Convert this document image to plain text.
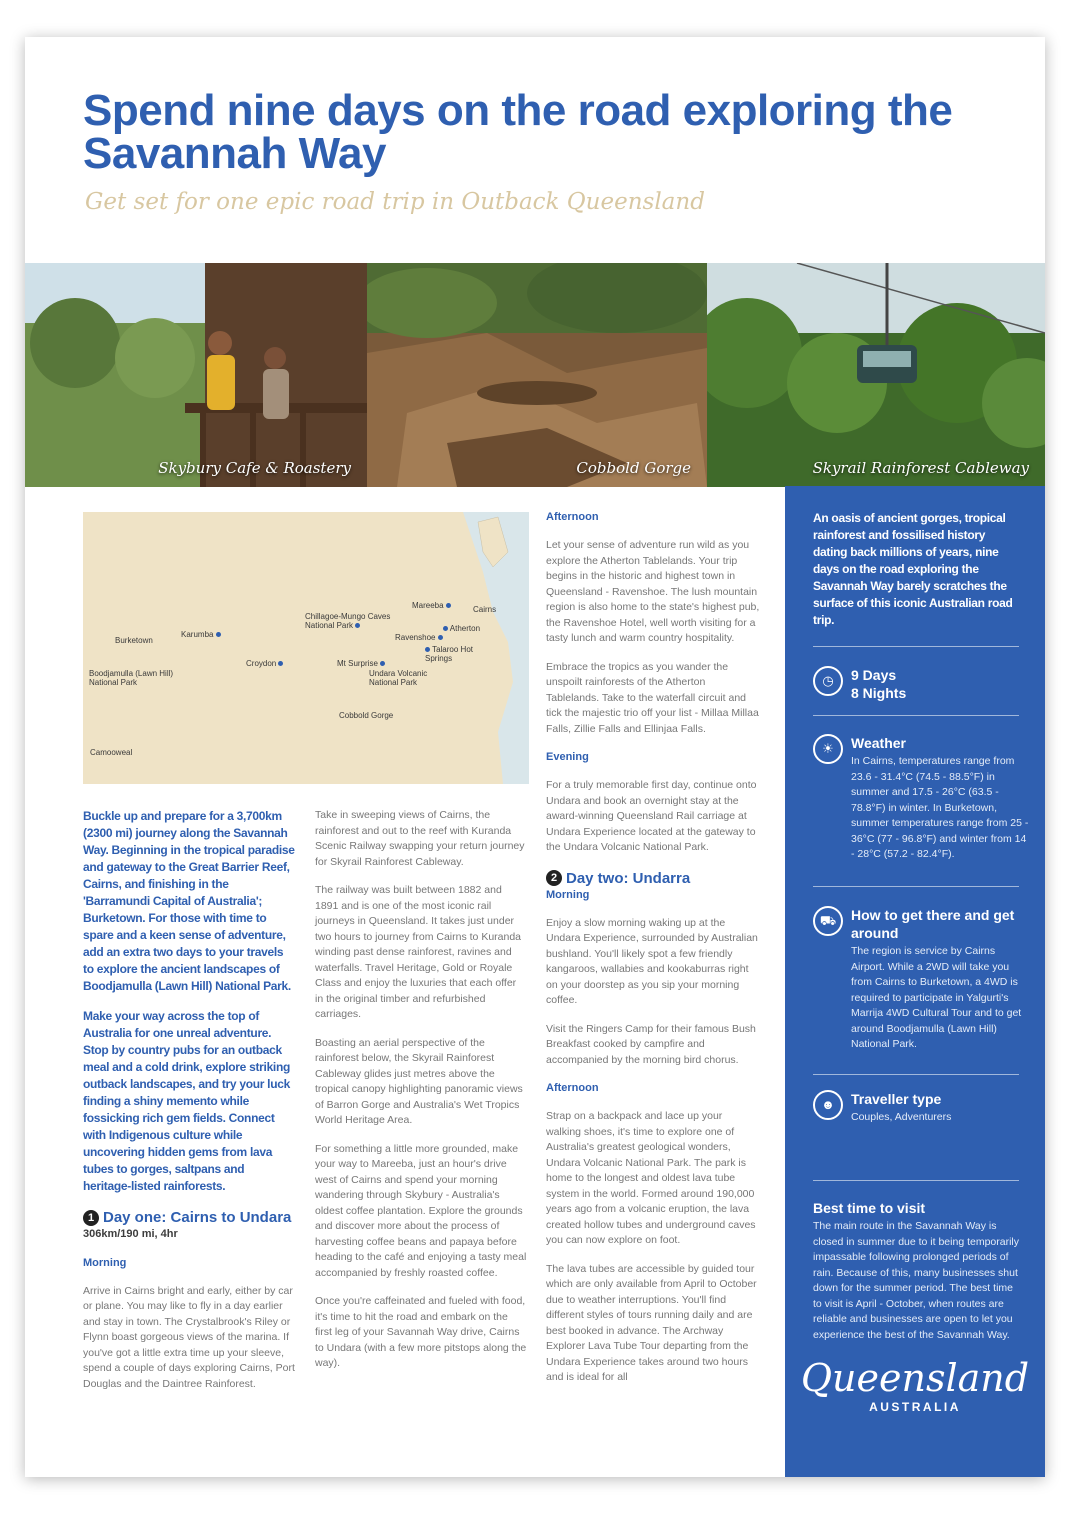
Spend nine days on the road exploring the Savannah Way

Get set for one epic road trip in Outback Queensland

Skybury Cafe & Roastery	Cobbold Gorge	Skyrail Rainforest Cableway
Mareeba	Cairns
Chillagoe-Mungo Caves National Park	Atherton
Ravenshoe
Burketown
Karumba
Talaroo Hot Springs
Croydon	Mt Surprise
Undara Volcanic National Park
Boodjamulla (Lawn Hill) National Park
Cobbold Gorge
Camooweal

Buckle up and prepare for a 3,700km (2300 mi) journey along the Savannah Way. Beginning in the tropical paradise and gateway to the Great Barrier Reef, Cairns, and finishing in the 'Barramundi Capital of Australia'; Burketown. For those with time to spare and a keen sense of adventure, add an extra two days to your travels to explore the ancient landscapes of Boodjamulla (Lawn Hill) National Park.

Make your way across the top of Australia for one unreal adventure. Stop by country pubs for an outback meal and a cold drink, explore striking outback landscapes, and try your luck finding a shiny memento while fossicking rich gem fields. Connect with Indigenous culture while uncovering hidden gems from lava tubes to gorges, saltpans and heritage-listed rainforests.

1 Day one: Cairns to Undara

306km/190 mi, 4hr

Morning

Arrive in Cairns bright and early, either by car or plane. You may like to fly in a day earlier and stay in town. The Crystalbrook's Riley or Flynn boast gorgeous views of the marina. If you've got a little extra time up your sleeve, spend a couple of days exploring Cairns, Port Douglas and the Daintree Rainforest.

Take in sweeping views of Cairns, the rainforest and out to the reef with Kuranda Scenic Railway swapping your return journey for Skyrail Rainforest Cableway.

The railway was built between 1882 and 1891 and is one of the most iconic rail journeys in Queensland. It takes just under two hours to journey from Cairns to Kuranda winding past dense rainforest, ravines and waterfalls. Travel Heritage, Gold or Royale Class and enjoy the luxuries that each offer in the original timber and refurbished carriages.

Boasting an aerial perspective of the rainforest below, the Skyrail Rainforest Cableway glides just metres above the tropical canopy highlighting panoramic views of Barron Gorge and Australia's Wet Tropics World Heritage Area.

For something a little more grounded, make your way to Mareeba, just an hour's drive west of Cairns and spend your morning wandering through Skybury - Australia's oldest coffee plantation. Explore the grounds and discover more about the process of harvesting coffee beans and papaya before heading to the café and enjoying a tasty meal accompanied by freshly roasted coffee.

Once you're caffeinated and fueled with food, it's time to hit the road and embark on the first leg of your Savannah Way drive, Cairns to Undara (with a few more pitstops along the way).

Afternoon

Let your sense of adventure run wild as you explore the Atherton Tablelands. Your trip begins in the historic and highest town in Queensland - Ravenshoe. The lush mountain region is also home to the state's highest pub, the Ravenshoe Hotel, well worth visiting for a tasty lunch and warm country hospitality.

Embrace the tropics as you wander the unspoilt rainforests of the Atherton Tablelands. Take to the waterfall circuit and tick the majestic trio off your list - Millaa Millaa Falls, Zillie Falls and Ellinjaa Falls.

Evening

For a truly memorable first day, continue onto Undara and book an overnight stay at the award-winning Queensland Rail carriage at Undara Experience located at the gateway to the Undara Volcanic National Park.

2 Day two: Undarra

Morning

Enjoy a slow morning waking up at the Undara Experience, surrounded by Australian bushland. You'll likely spot a few friendly kangaroos, wallabies and kookaburras right on your doorstep as you sip your morning coffee.

Visit the Ringers Camp for their famous Bush Breakfast cooked by campfire and accompanied by the morning bird chorus.

Afternoon

Strap on a backpack and lace up your walking shoes, it's time to explore one of Australia's greatest geological wonders, Undara Volcanic National Park. The park is home to the longest and oldest lava tube system in the world. Formed around 190,000 years ago from a volcanic eruption, the lava created hollow tubes and underground caves you can now explore on foot.

The lava tubes are accessible by guided tour which are only available from April to October due to weather interruptions. You'll find different styles of tours running daily and are best booked in advance. The Archway Explorer Lava Tube Tour departing from the Undara Experience takes around two hours and is ideal for all

An oasis of ancient gorges, tropical rainforest and fossilised history dating back millions of years, nine days on the road exploring the Savannah Way barely scratches the surface of this iconic Australian road trip.

◷	9 Days

8 Nights

☀	Weather

In Cairns, temperatures range from 23.6 - 31.4°C (74.5 - 88.5°F) in summer and 17.5 - 26°C (63.5 - 78.8°F) in winter. In Burketown, summer temperatures range from 25 - 36°C (77 - 96.8°F) and winter from 14 - 28°C (57.2 - 82.4°F).

⛟	How to get there and get around

The region is service by Cairns Airport. While a 2WD will take you from Cairns to Burketown, a 4WD is required to participate in Yalgurti's Marrija 4WD Cultural Tour and to get around Boodjamulla (Lawn Hill) National Park.

☻	Traveller type

Couples, Adventurers

Best time to visit

The main route in the Savannah Way is closed in summer due to it being temporarily impassable following prolonged periods of rain. Because of this, many businesses shut down for the summer period. The best time to visit is April - October, when routes are reliable and businesses are open to let you experience the best of the Savannah Way.

Queensland

AUSTRALIA
